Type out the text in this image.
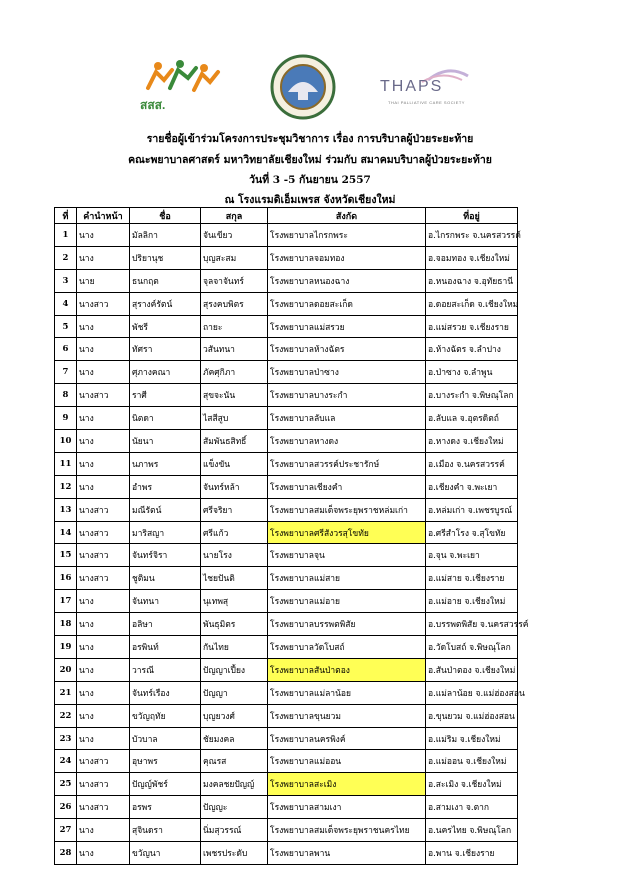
สสส.
THAPS
THAI PALLIATIVE CARE SOCIETY
รายชื่อผู้เข้าร่วมโครงการประชุมวิชาการ เรื่อง การบริบาลผู้ป่วยระยะท้าย
คณะพยาบาลศาสตร์ มหาวิทยาลัยเชียงใหม่ ร่วมกับ สมาคมบริบาลผู้ป่วยระยะท้าย
วันที่ 3 -5 กันยายน 2557
ณ โรงแรมดิเอ็มเพรส จังหวัดเชียงใหม่
ที่	คำนำหน้า	ชื่อ	สกุล	สังกัด	ที่อยู่
1	นาง	มัลลิกา	จันเขียว	โรงพยาบาลไกรกพระ	อ.ไกรกพระ จ.นครสวรรค์
2	นาง	ปริยานุช	บุญสะสม	โรงพยาบาลจอมทอง	อ.จอมทอง จ.เชียงใหม่
3	นาย	ธนกฤต	จุลจาจันทร์	โรงพยาบาลหนองฉาง	อ.หนองฉาง จ.อุทัยธานี
4	นางสาว	สุรางค์รัตน์	สุรงคบพิตร	โรงพยาบาลดอยสะเก็ด	อ.ดอยสะเก็ด จ.เชียงใหม่
5	นาง	พัชรี	ถายะ	โรงพยาบาลแม่สรวย	อ.แม่สรวย จ.เชียงราย
6	นาง	ทัศรา	วสันทนา	โรงพยาบาลห้างฉัตร	อ.ห้างฉัตร จ.ลำปาง
7	นาง	ศุภางคณา	ภัคศุกิภา	โรงพยาบาลป่าซาง	อ.ป่าซาง จ.ลำพูน
8	นางสาว	ราศี	สุขจะนัน	โรงพยาบาลบางระกำ	อ.บางระกำ จ.พิษณุโลก
9	นาง	นิตดา	ไสสีสูบ	โรงพยาบาลลับแล	อ.ลับแล จ.อุตรดิตถ์
10	นาง	นัยนา	สัมพันธสิทธิ์	โรงพยาบาลหางดง	อ.หางดง จ.เชียงใหม่
11	นาง	นภาพร	แข็งขัน	โรงพยาบาลสวรรค์ประชารักษ์	อ.เมือง จ.นครสวรรค์
12	นาง	อำพร	จันทร์หล้า	โรงพยาบาลเชียงคำ	อ.เชียงคำ จ.พะเยา
13	นางสาว	มณีรัตน์	ศรีจริยา	โรงพยาบาลสมเด็จพระยุพราชหล่มเก่า	อ.หล่มเก่า จ.เพชรบูรณ์
14	นางสาว	มาริสญา	ศรีแก้ว	โรงพยาบาลศรีสังวรสุโขทัย	อ.ศรีสำโรง จ.สุโขทัย
15	นางสาว	จันทร์จิรา	นายโรง	โรงพยาบาลจุน	อ.จุน จ.พะเยา
16	นางสาว	ชูติมน	ไชยปันติ	โรงพยาบาลแม่สาย	อ.แม่สาย จ.เชียงราย
17	นาง	จันทนา	นุเทพสุ	โรงพยาบาลแม่อาย	อ.แม่อาย จ.เชียงใหม่
18	นาง	อลิษา	พันธุมิตร	โรงพยาบาลบรรพตพิสัย	อ.บรรพตพิสัย จ.นครสวรรค์
19	นาง	อรพินท์	กันไทย	โรงพยาบาลวัดโบสถ์	อ.วัดโบสถ์ จ.พิษณุโลก
20	นาง	วารณี	ปัญญาเปี้ยง	โรงพยาบาลสันป่าตอง	อ.สันป่าตอง จ.เชียงใหม่
21	นาง	จันทร์เรือง	ปัญญา	โรงพยาบาลแม่ลาน้อย	อ.แม่ลาน้อย จ.แม่ฮ่องสอน
22	นาง	ขวัญฤทัย	บุญยวงศ์	โรงพยาบาลขุนยวม	อ.ขุนยวม จ.แม่ฮ่องสอน
23	นาง	บัวบาล	ชัยมงคล	โรงพยาบาลนครพิงค์	อ.แม่ริม จ.เชียงใหม่
24	นางสาว	อุษาพร	คุณรส	โรงพยาบาลแม่ออน	อ.แม่ออน จ.เชียงใหม่
25	นางสาว	ปัญญ์พัชร์	มงคลชยปัญญ์	โรงพยาบาลสะเมิง	อ.สะเมิง จ.เชียงใหม่
26	นางสาว	อรพร	ปัญญะ	โรงพยาบาลสามเงา	อ.สามเงา จ.ตาก
27	นาง	สุจินดรา	นิ่มสุวรรณ์	โรงพยาบาลสมเด็จพระยุพราชนครไทย	อ.นครไทย จ.พิษณุโลก
28	นาง	ขวัญนา	เพชรประดับ	โรงพยาบาลพาน	อ.พาน จ.เชียงราย
